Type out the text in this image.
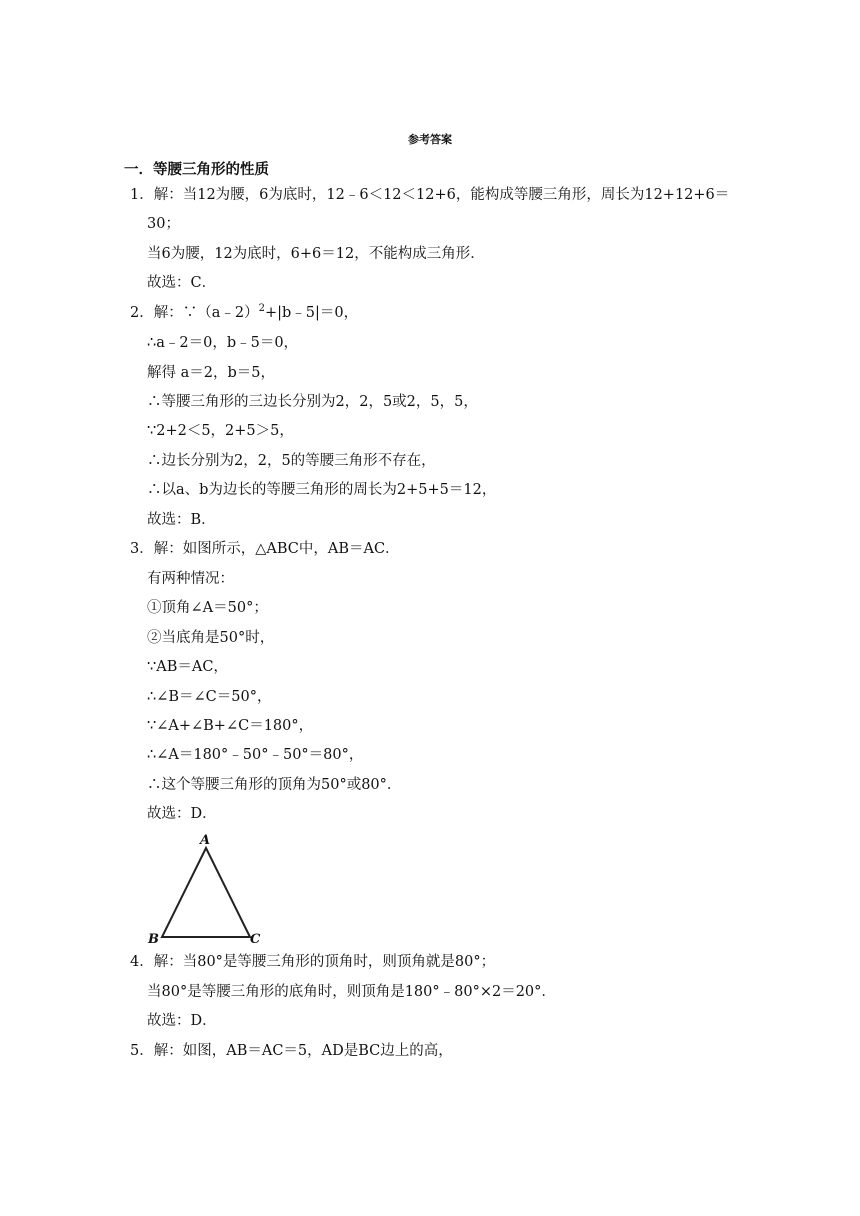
参考答案
一．等腰三角形的性质
1．解：当12为腰，6为底时，12﹣6＜12＜12+6，能构成等腰三角形，周长为12+12+6＝
30；
当6为腰，12为底时，6+6＝12，不能构成三角形．
故选：C．
2．解：∵（a﹣2）$^2$+|b﹣5|＝0，
∴a﹣2＝0，b﹣5＝0，
解得 a＝2，b＝5，
∴等腰三角形的三边长分别为2，2，5或2，5，5，
∵2+2＜5，2+5＞5，
∴边长分别为2，2，5的等腰三角形不存在，
∴以a、b为边长的等腰三角形的周长为2+5+5＝12，
故选：B．
3．解：如图所示，△ABC中，AB＝AC．
有两种情况：
①顶角∠A＝50°；
②当底角是50°时，
∵AB＝AC，
∴∠B＝∠C＝50°，
∵∠A+∠B+∠C＝180°，
∴∠A＝180°﹣50°﹣50°＝80°，
∴这个等腰三角形的顶角为50°或80°．
故选：D．
A
B	C
4．解：当80°是等腰三角形的顶角时，则顶角就是80°；
当80°是等腰三角形的底角时，则顶角是180°﹣80°×2＝20°．
故选：D．
5．解：如图，AB＝AC＝5，AD是BC边上的高，
